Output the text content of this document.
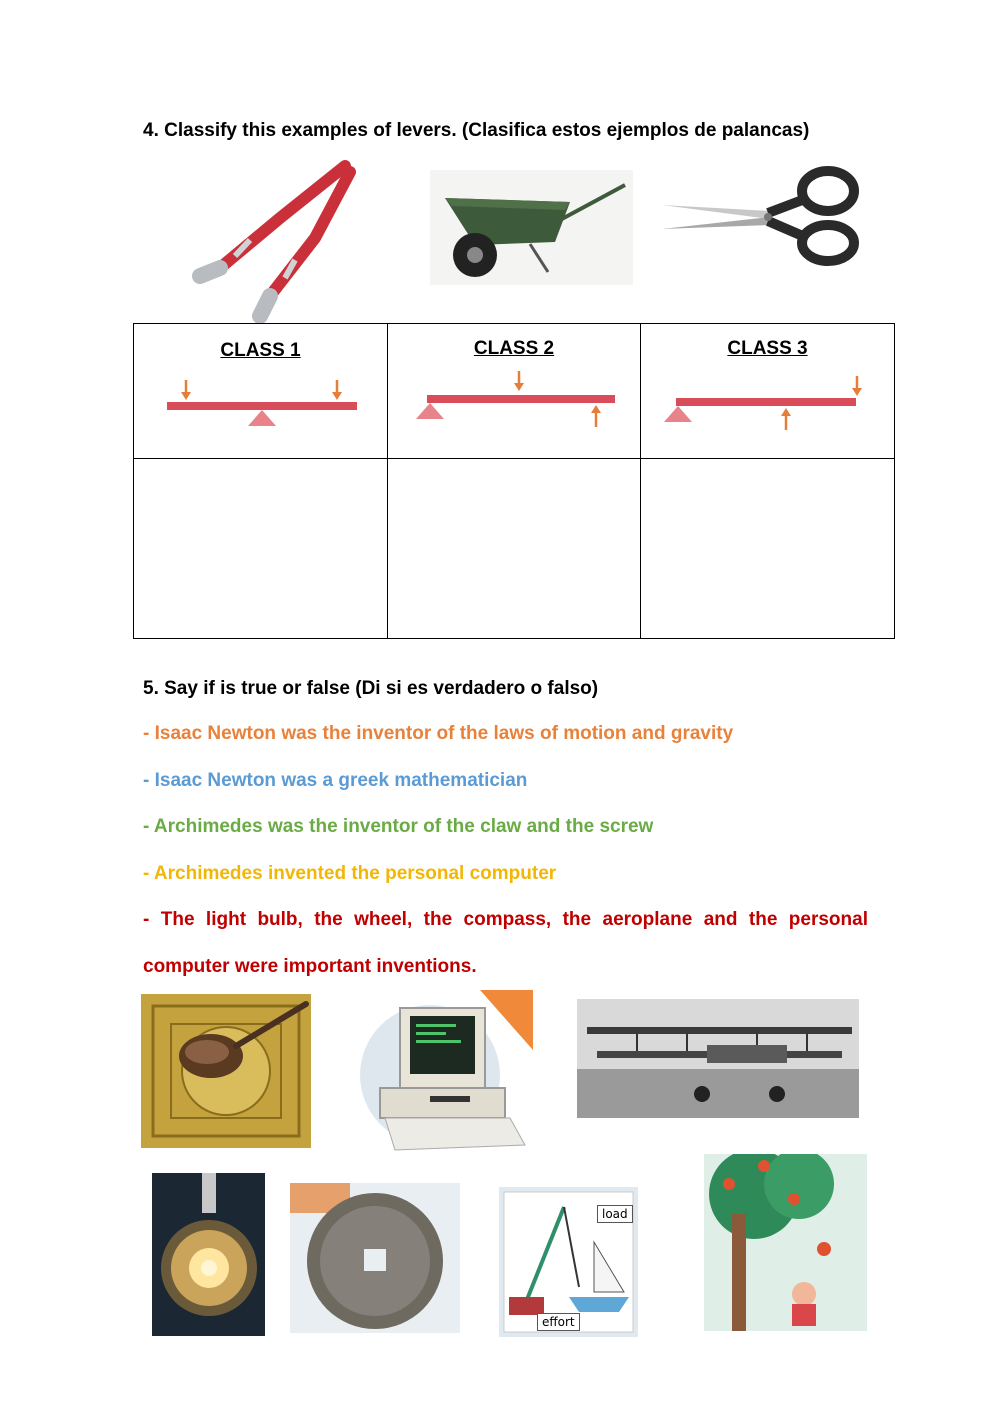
4. Classify this examples of levers. (Clasifica estos ejemplos de palancas)
CLASS 1	CLASS 2	CLASS 3

5. Say if is true or false (Di si es verdadero o falso)
- Isaac Newton was the inventor of the laws of motion and gravity
- Isaac Newton was a greek mathematician
- Archimedes was the inventor of the claw and the screw
- Archimedes invented the personal computer
- The light bulb, the wheel, the compass, the aeroplane and the personal
computer were important inventions.
load
effort
